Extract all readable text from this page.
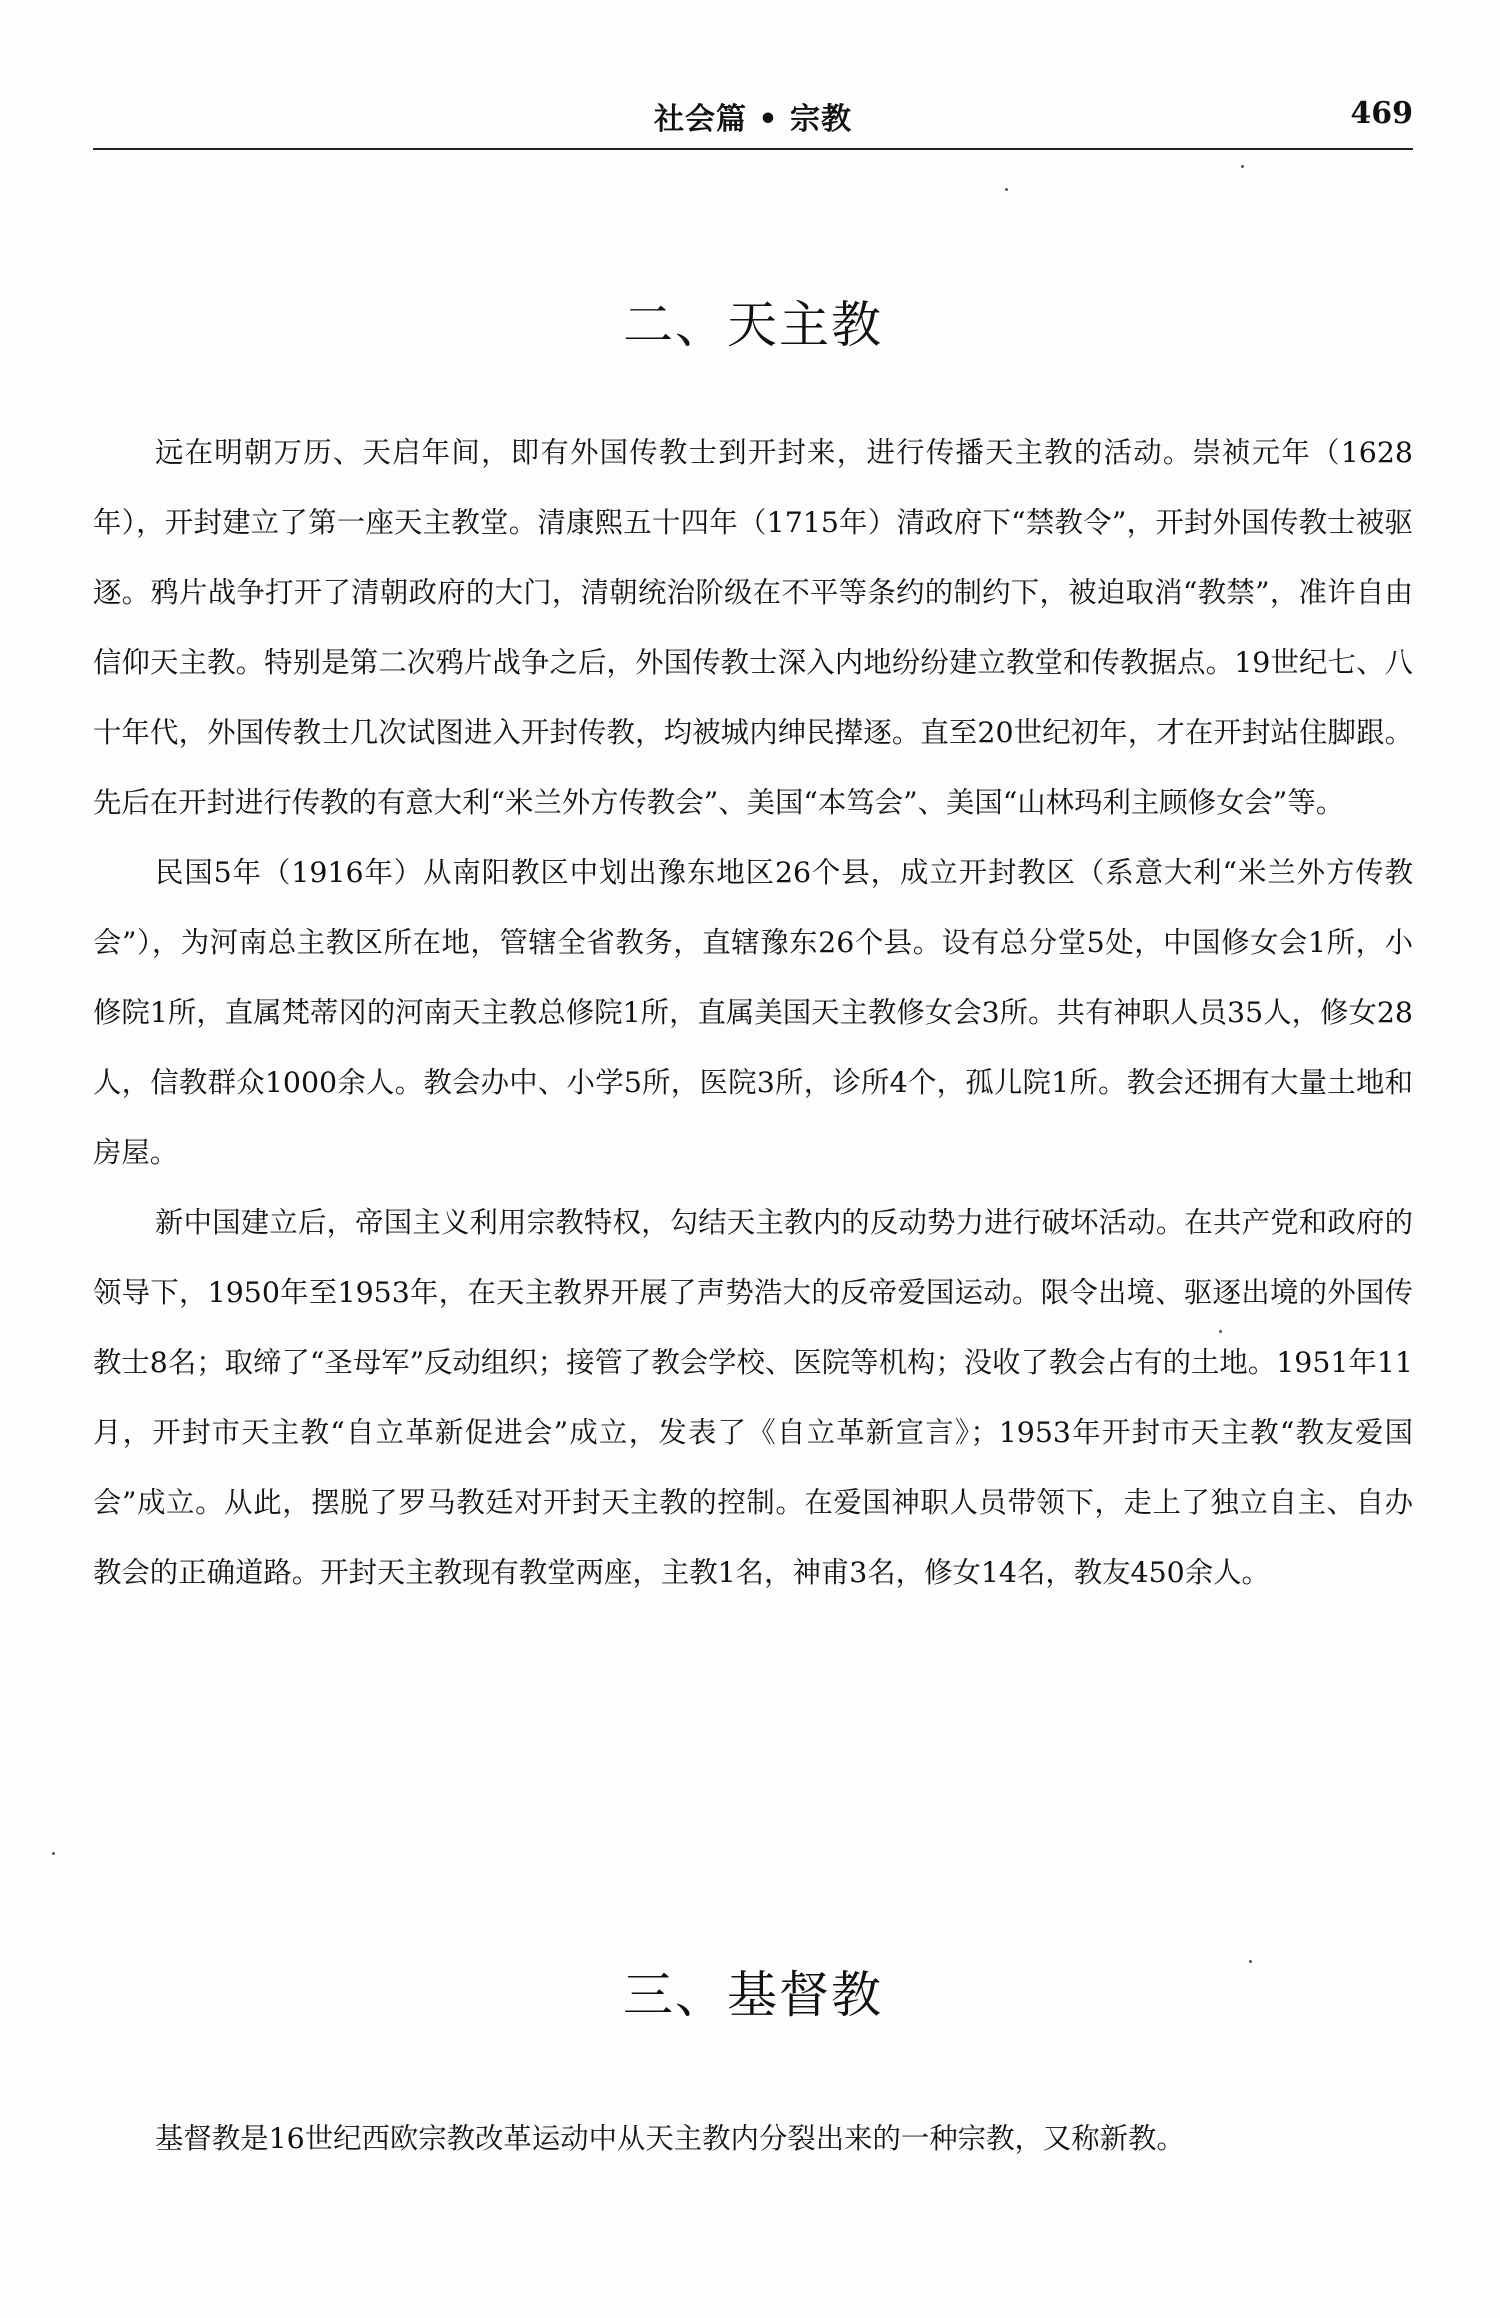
社会篇 • 宗教	469
二、天主教

远在明朝万历、天启年间，即有外国传教士到开封来，进行传播天主教的活动。崇祯元年（1628年），开封建立了第一座天主教堂。清康熙五十四年（1715年）清政府下“禁教令”，开封外国传教士被驱逐。鸦片战争打开了清朝政府的大门，清朝统治阶级在不平等条约的制约下，被迫取消“教禁”，准许自由信仰天主教。特别是第二次鸦片战争之后，外国传教士深入内地纷纷建立教堂和传教据点。19世纪七、八十年代，外国传教士几次试图进入开封传教，均被城内绅民撵逐。直至20世纪初年，才在开封站住脚跟。先后在开封进行传教的有意大利“米兰外方传教会”、美国“本笃会”、美国“山林玛利主顾修女会”等。

民国5年（1916年）从南阳教区中划出豫东地区26个县，成立开封教区（系意大利“米兰外方传教会”），为河南总主教区所在地，管辖全省教务，直辖豫东26个县。设有总分堂5处，中国修女会1所，小修院1所，直属梵蒂冈的河南天主教总修院1所，直属美国天主教修女会3所。共有神职人员35人，修女28人，信教群众1000余人。教会办中、小学5所，医院3所，诊所4个，孤儿院1所。教会还拥有大量土地和房屋。

新中国建立后，帝国主义利用宗教特权，勾结天主教内的反动势力进行破坏活动。在共产党和政府的领导下，1950年至1953年，在天主教界开展了声势浩大的反帝爱国运动。限令出境、驱逐出境的外国传教士8名；取缔了“圣母军”反动组织；接管了教会学校、医院等机构；没收了教会占有的土地。1951年11月，开封市天主教“自立革新促进会”成立，发表了《自立革新宣言》；1953年开封市天主教“教友爱国会”成立。从此，摆脱了罗马教廷对开封天主教的控制。在爱国神职人员带领下，走上了独立自主、自办教会的正确道路。开封天主教现有教堂两座，主教1名，神甫3名，修女14名，教友450余人。

三、基督教

基督教是16世纪西欧宗教改革运动中从天主教内分裂出来的一种宗教，又称新教。
